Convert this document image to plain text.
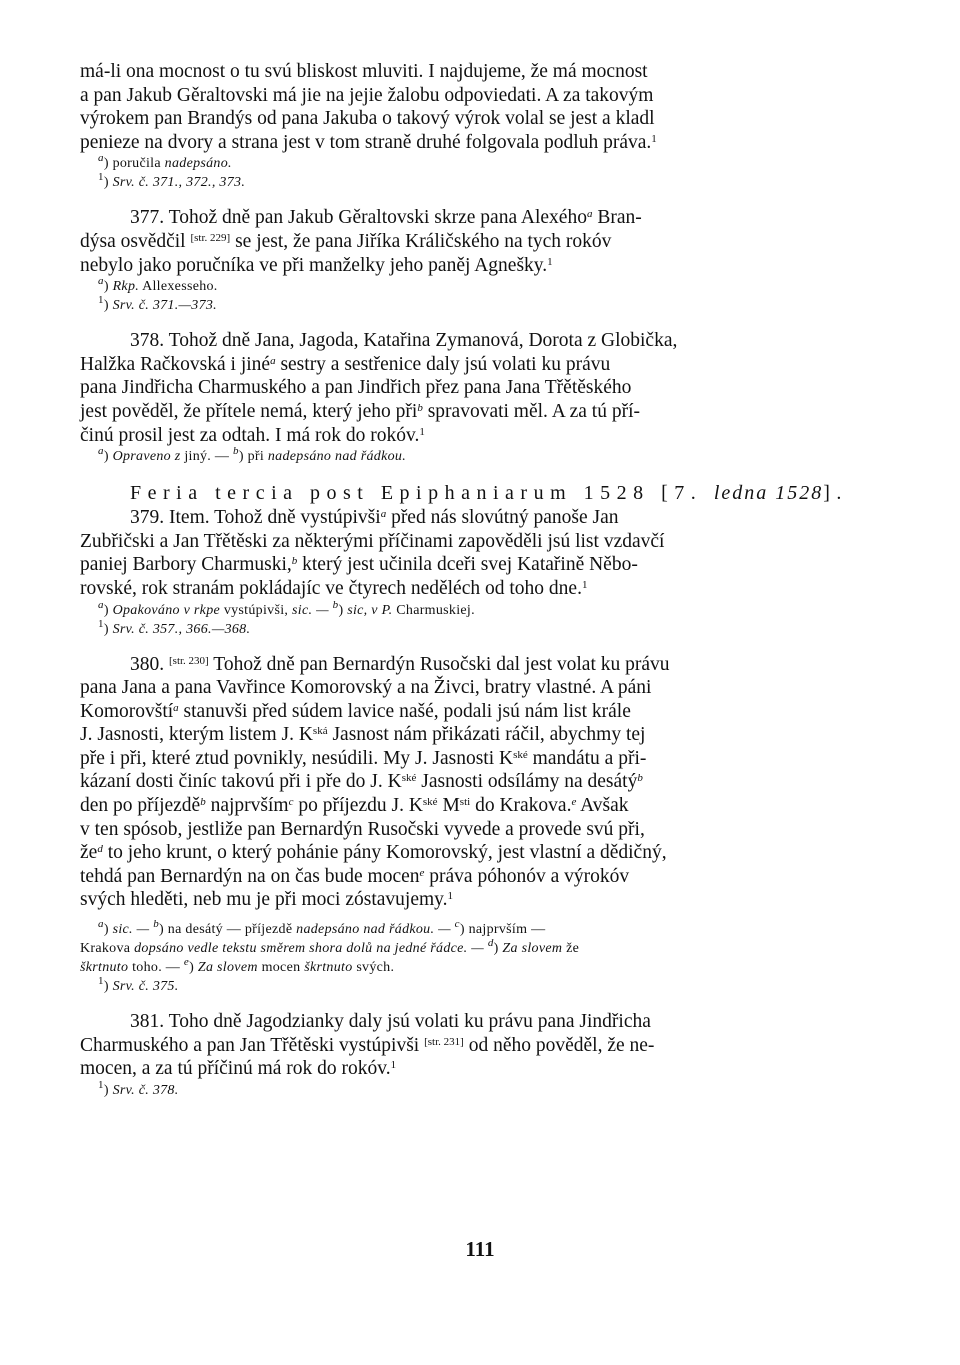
má-li ona mocnost o tu svú bliskost mluviti. I najdujeme, že má mocnost

a pan Jakub Gěraltovski má jie na jejie žalobu odpoviedati. A za takovým

výrokem pan Brandýs od pana Jakuba o takový výrok volal se jest a kladl

penieze na dvory a strana jest v tom straně druhé folgovala podluh práva.$^1$

$^a$) poručila nadepsáno.

$^1$) Srv. č. 371., 372., 373.

377. Tohož dně pan Jakub Gěraltovski skrze pana Alexého$^a$ Bran-

dýsa osvědčil [str. 229] se jest, že pana Jiříka Králičského na tych rokóv

nebylo jako poručníka ve při manželky jeho paněj Agnešky.$^1$

$^a$) Rkp. Allexesseho.

$^1$) Srv. č. 371.—373.

378. Tohož dně Jana, Jagoda, Katařina Zymanová, Dorota z Globička,

Halžka Račkovská i jiné$^a$ sestry a sestřenice daly jsú volati ku právu

pana Jindřicha Charmuského a pan Jindřich přez pana Jana Třětěského

jest pověděl, že přítele nemá, který jeho při$^b$ spravovati měl. A za tú pří-

činú prosil jest za odtah. I má rok do rokóv.$^1$

$^a$) Opraveno z jiný. — $^b$) při nadepsáno nad řádkou.

Feria tercia post Epiphaniarum 1528 [7. ledna 1528].

379. Item. Tohož dně vystúpivši$^a$ před nás slovútný panoše Jan

Zubřičski a Jan Třětěski za některými příčinami zapověděli jsú list vzdavčí

paniej Barbory Charmuski,$^b$ který jest učinila dceři svej Katařině Něbo-

rovské, rok stranám pokládajíc ve čtyrech neděléch od toho dne.$^1$

$^a$) Opakováno v rkpe vystúpivši, sic. — $^b$) sic, v P. Charmuskiej.

$^1$) Srv. č. 357., 366.—368.

380. [str. 230] Tohož dně pan Bernardýn Rusočski dal jest volat ku právu

pana Jana a pana Vavřince Komorovský a na Živci, bratry vlastné. A páni

Komorovští$^a$ stanuvši před súdem lavice našé, podali jsú nám list krále

J. Jasnosti, kterým listem J. K$^{ská}$ Jasnost nám přikázati ráčil, abychmy tej

pře i při, které ztud povnikly, nesúdili. My J. Jasnosti K$^{ské}$ mandátu a při-

kázaní dosti činíc takovú při i pře do J. K$^{ské}$ Jasnosti odsílámy na desátý$^b$

den po příjezdě$^b$ najprvším$^c$ po příjezdu J. K$^{ské}$ M$^{sti}$ do Krakova.$^e$ Avšak

v ten spósob, jestliže pan Bernardýn Rusočski vyvede a provede svú při,

$že^d$ to jeho krunt, o který pohánie pány Komorovský, jest vlastní a dědičný,

tehdá pan Bernardýn na on čas bude mocen$^e$ práva póhonóv a výrokóv

svých hleděti, neb mu je při moci zóstavujemy.$^1$

$^a$) sic. — $^b$) na desátý — příjezdě nadepsáno nad řádkou. — $^c$) najprvším —

Krakova dopsáno vedle tekstu směrem shora dolů na jedné řádce. — $^d$) Za slovem že

škrtnuto toho. — $^e$) Za slovem mocen škrtnuto svých.

$^1$) Srv. č. 375.

381. Toho dně Jagodzianky daly jsú volati ku právu pana Jindřicha

Charmuského a pan Jan Třětěski vystúpivši [str. 231] od něho pověděl, že ne-

mocen, a za tú příčinú má rok do rokóv.$^1$

$^1$) Srv. č. 378.

111
